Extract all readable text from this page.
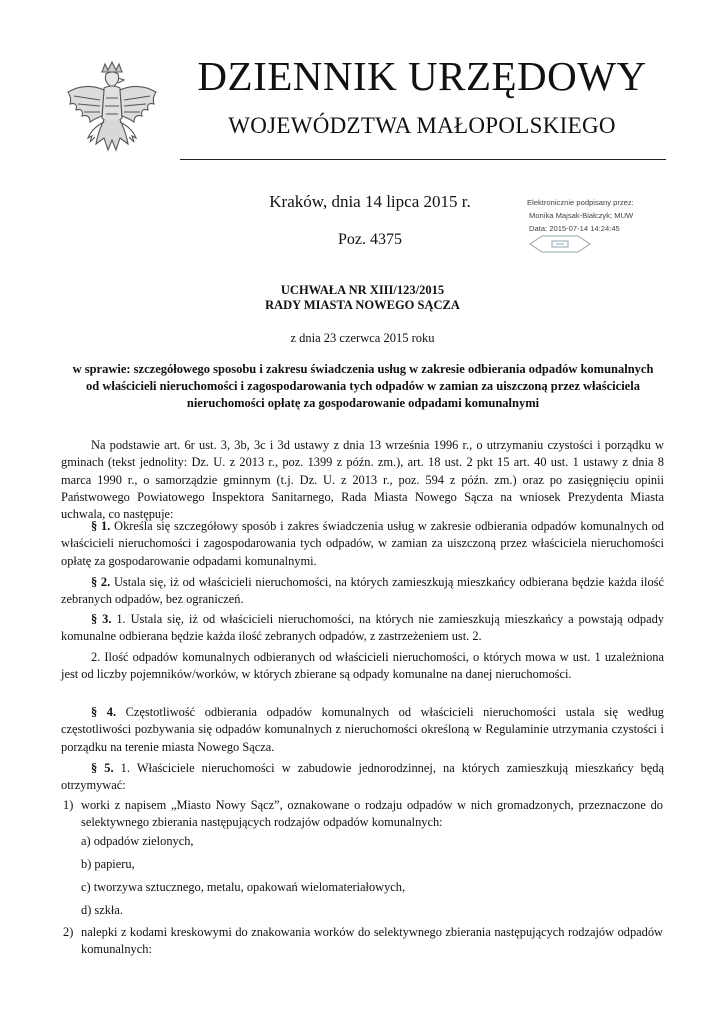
DZIENNIK URZĘDOWY
WOJEWÓDZTWA MAŁOPOLSKIEGO
Kraków, dnia 14 lipca 2015 r.
Poz. 4375
Elektronicznie podpisany przez:
Monika Majsak-Białczyk; MUW
Data: 2015-07-14 14:24:45
UCHWAŁA NR XIII/123/2015
RADY MIASTA NOWEGO SĄCZA
z dnia 23 czerwca 2015 roku
w sprawie: szczegółowego sposobu i zakresu świadczenia usług w zakresie odbierania odpadów komunalnych od właścicieli nieruchomości i zagospodarowania tych odpadów w zamian za uiszczoną przez właściciela nieruchomości opłatę za gospodarowanie odpadami komunalnymi

Na podstawie art. 6r ust. 3, 3b, 3c i 3d ustawy z dnia 13 września 1996 r., o utrzymaniu czystości i porządku w gminach (tekst jednolity: Dz. U. z 2013 r., poz. 1399 z późn. zm.), art. 18 ust. 2 pkt 15 art. 40 ust. 1 ustawy z dnia 8 marca 1990 r., o samorządzie gminnym (t.j. Dz. U. z 2013 r., poz. 594 z późn. zm.) oraz po zasięgnięciu opinii Państwowego Powiatowego Inspektora Sanitarnego, Rada Miasta Nowego Sącza na wniosek Prezydenta Miasta uchwala, co następuje:

§ 1. Określa się szczegółowy sposób i zakres świadczenia usług w zakresie odbierania odpadów komunalnych od właścicieli nieruchomości i zagospodarowania tych odpadów, w zamian za uiszczoną przez właściciela nieruchomości opłatę za gospodarowanie odpadami komunalnymi.

§ 2. Ustala się, iż od właścicieli nieruchomości, na których zamieszkują mieszkańcy odbierana będzie każda ilość zebranych odpadów, bez ograniczeń.

§ 3. 1. Ustala się, iż od właścicieli nieruchomości, na których nie zamieszkują mieszkańcy a powstają odpady komunalne odbierana będzie każda ilość zebranych odpadów, z zastrzeżeniem ust. 2.

2. Ilość odpadów komunalnych odbieranych od właścicieli nieruchomości, o których mowa w ust. 1 uzależniona jest od liczby pojemników/worków, w których zbierane są odpady komunalne na danej nieruchomości.

§ 4. Częstotliwość odbierania odpadów komunalnych od właścicieli nieruchomości ustala się według częstotliwości pozbywania się odpadów komunalnych z nieruchomości określoną w Regulaminie utrzymania czystości i porządku na terenie miasta Nowego Sącza.

§ 5. 1. Właściciele nieruchomości w zabudowie jednorodzinnej, na których zamieszkują mieszkańcy będą otrzymywać:

1) worki z napisem „Miasto Nowy Sącz”, oznakowane o rodzaju odpadów w nich gromadzonych, przeznaczone do selektywnego zbierania następujących rodzajów odpadów komunalnych:
a) odpadów zielonych,
b) papieru,
c) tworzywa sztucznego, metalu, opakowań wielomateriałowych,
d) szkła.
2) nalepki z kodami kreskowymi do znakowania worków do selektywnego zbierania następujących rodzajów odpadów komunalnych:
